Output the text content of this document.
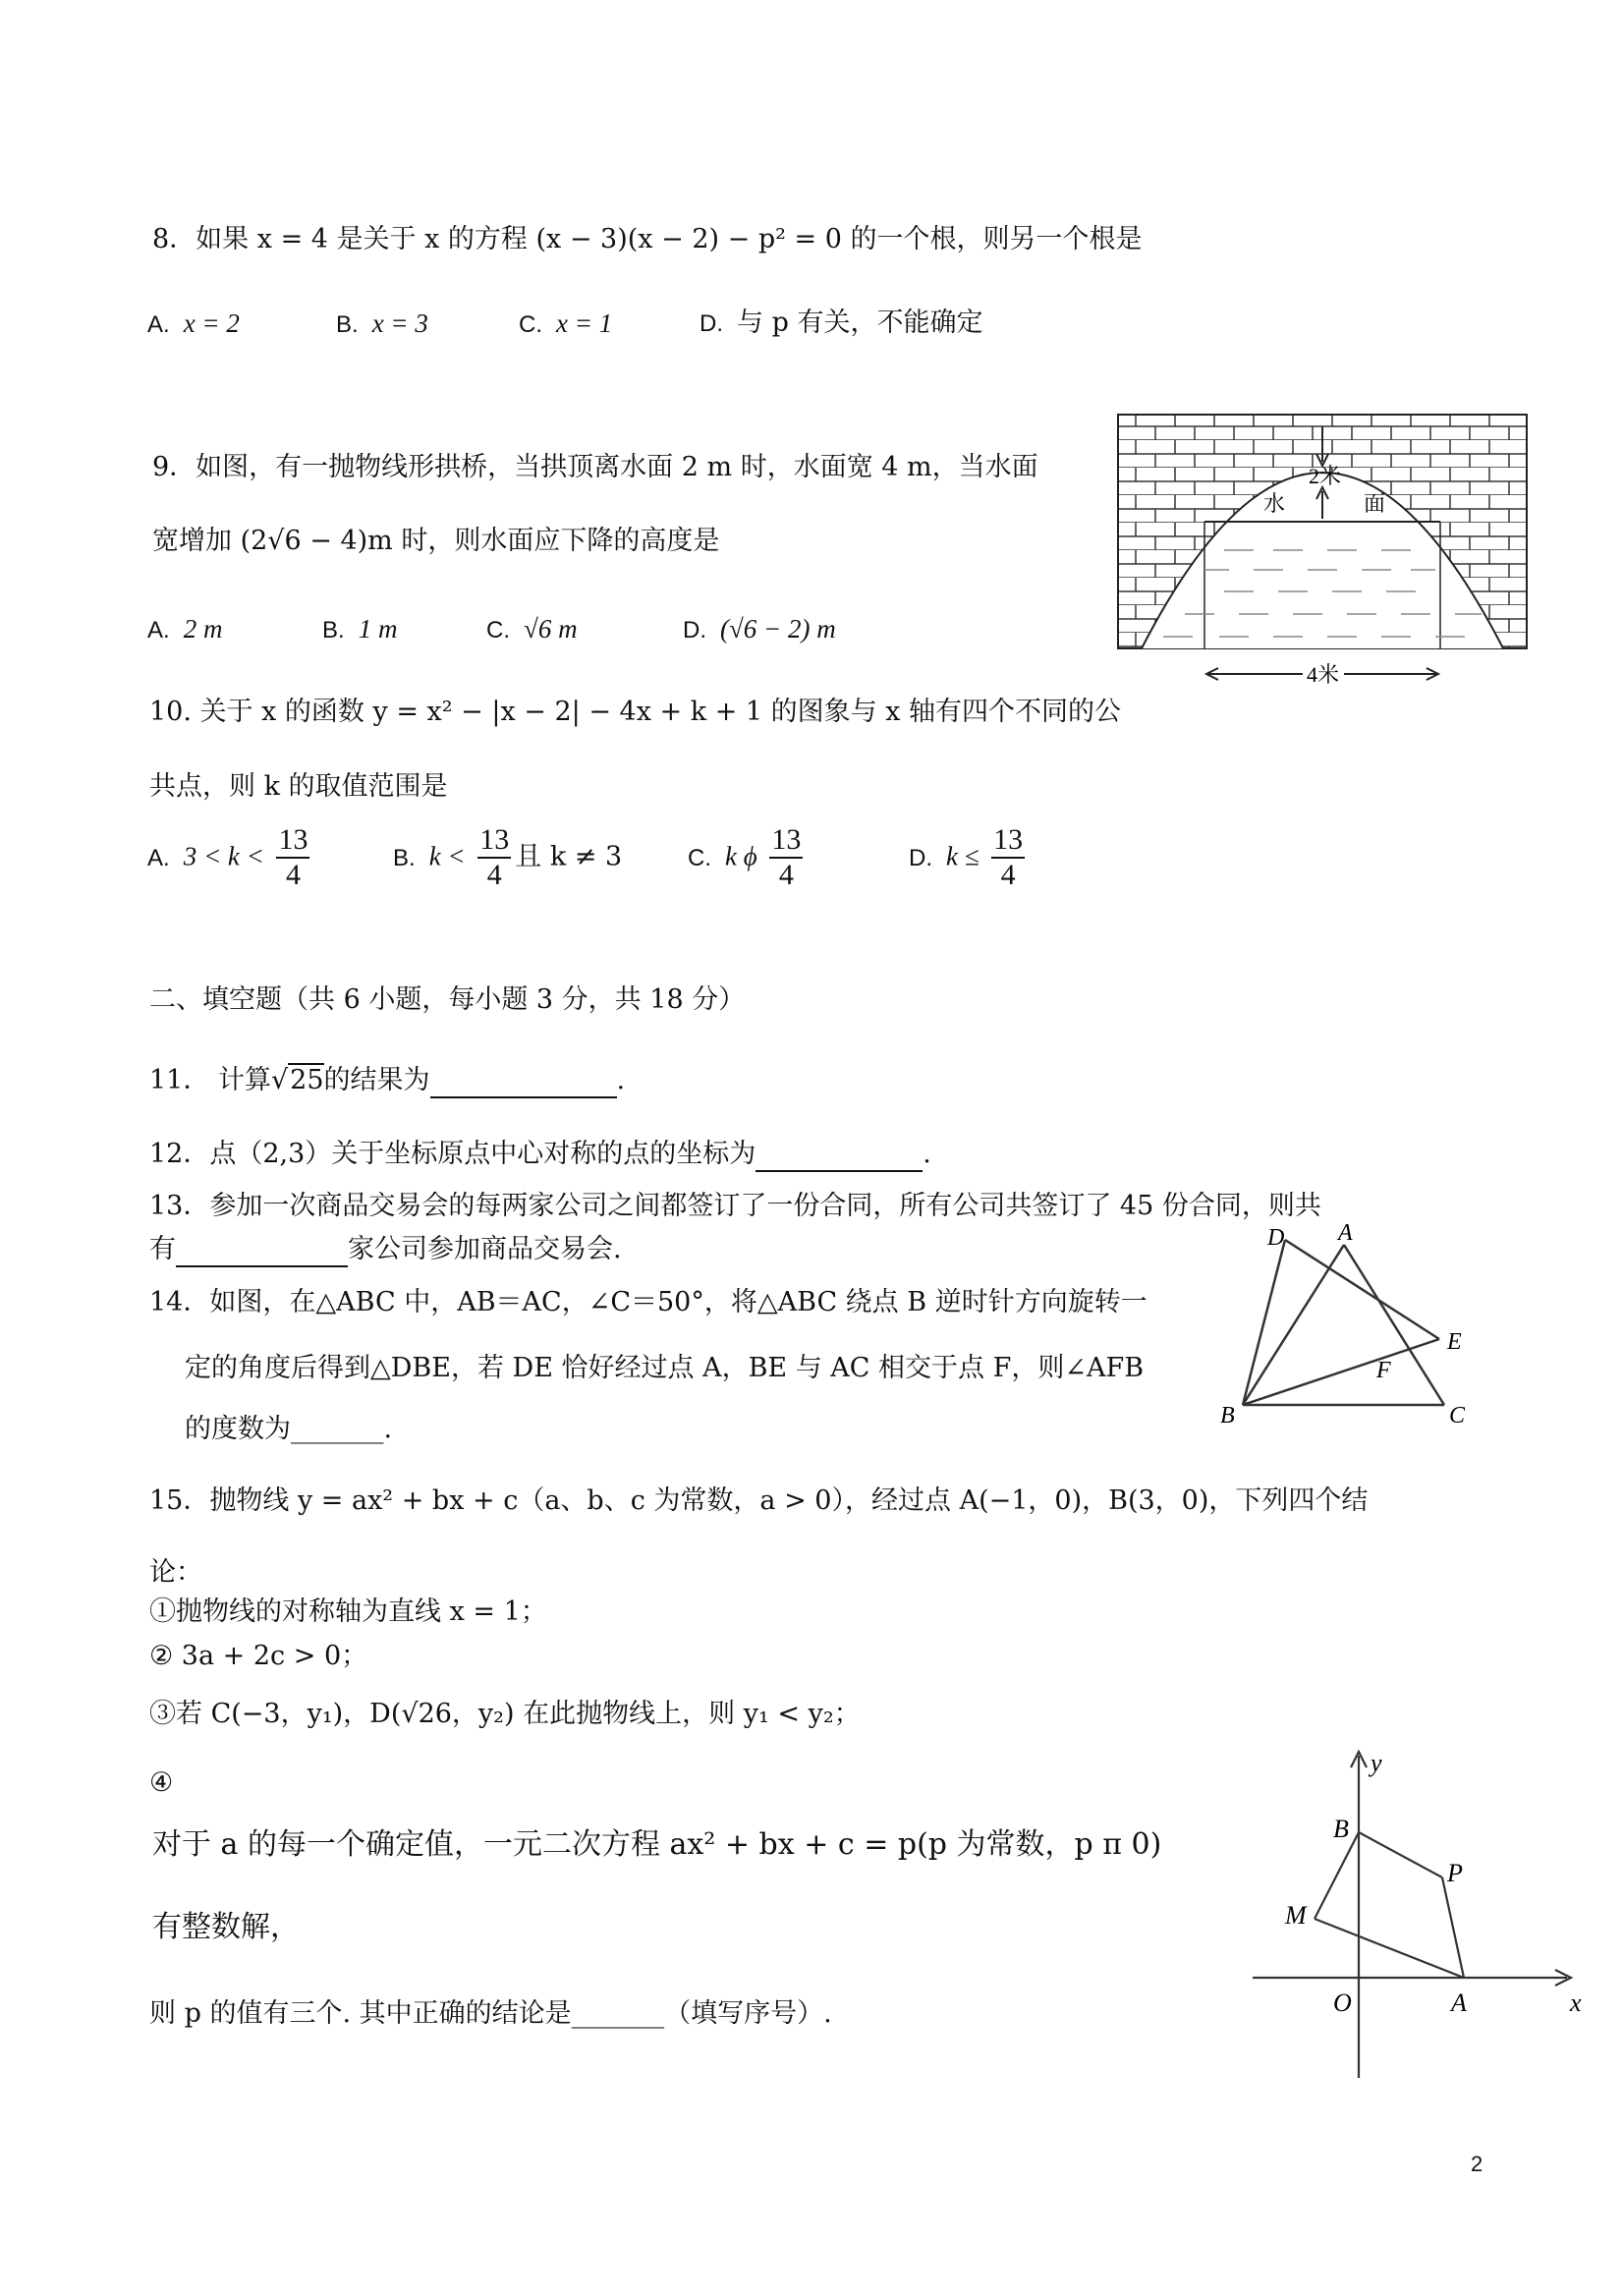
8．如果 x = 4 是关于 x 的方程 (x − 3)(x − 2) − p² = 0 的一个根，则另一个根是
A. x = 2	B. x = 3	C. x = 1	D. 与 p 有关，不能确定
9．如图，有一抛物线形拱桥，当拱顶离水面 2 m 时，水面宽 4 m，当水面
宽增加 (2√6 − 4)m 时，则水面应下降的高度是
A. 2 m	B. 1 m	C. √6 m	D. (√6 − 2) m
2米
水	面
4米
10. 关于 x 的函数 y = x² − |x − 2| − 4x + k + 1 的图象与 x 轴有四个不同的公
共点，则 k 的取值范围是
A. $3 < k < \frac{13}{4}$	B. $k < \frac{13}{4}$ 且 k ≠ 3	C. k ϕ $\frac{13}{4}$	D. $k \le \frac{13}{4}$
二、填空题（共 6 小题，每小题 3 分，共 18 分）
11． 计算√25的结果为	.
12．点（2,3）关于坐标原点中心对称的点的坐标为	.
13．参加一次商品交易会的每两家公司之间都签订了一份合同，所有公司共签订了 45 份合同，则共
有	家公司参加商品交易会.
14．如图，在△ABC 中，AB＝AC，∠C＝50°，将△ABC 绕点 B 逆时针方向旋转一
定的角度后得到△DBE，若 DE 恰好经过点 A，BE 与 AC 相交于点 F，则∠AFB
的度数为_______.
D A
E
F
B	C
15．抛物线 y = ax² + bx + c（a、b、c 为常数，a > 0），经过点 A(−1，0)，B(3，0)，下列四个结
论：
①抛物线的对称轴为直线 x = 1；
② 3a + 2c > 0；
③若 C(−3，y₁)，D(√26，y₂) 在此抛物线上，则 y₁ < y₂；
④
对于 a 的每一个确定值，一元二次方程 ax² + bx + c = p(p 为常数，p π 0)
有整数解，
则 p 的值有三个. 其中正确的结论是_______（填写序号）.
y
x
O	A
B
P
M
2
